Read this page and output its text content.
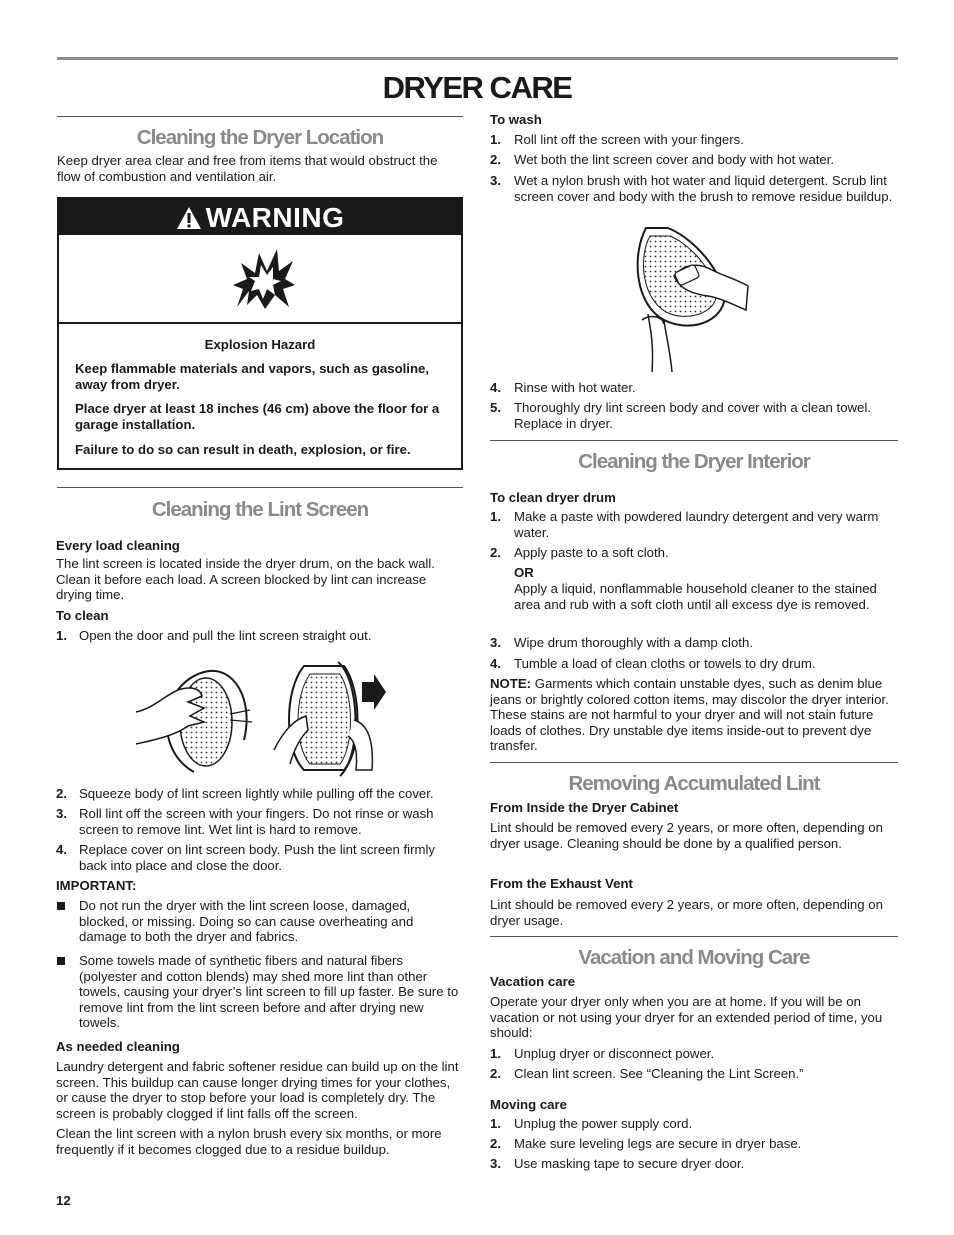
DRYER CARE
Cleaning the Dryer Location

Keep dryer area clear and free from items that would obstruct the flow of combustion and ventilation air.

WARNING
Explosion Hazard

Keep flammable materials and vapors, such as gasoline, away from dryer.

Place dryer at least 18 inches (46 cm) above the floor for a garage installation.

Failure to do so can result in death, explosion, or fire.

Cleaning the Lint Screen
Every load cleaning

The lint screen is located inside the dryer drum, on the back wall. Clean it before each load. A screen blocked by lint can increase drying time.

To clean
1. Open the door and pull the lint screen straight out.

2. Squeeze body of lint screen lightly while pulling off the cover.

3. Roll lint off the screen with your fingers. Do not rinse or wash screen to remove lint. Wet lint is hard to remove.

4. Replace cover on lint screen body. Push the lint screen firmly back into place and close the door.

IMPORTANT:

Do not run the dryer with the lint screen loose, damaged, blocked, or missing. Doing so can cause overheating and damage to both the dryer and fabrics.

Some towels made of synthetic fibers and natural fibers (polyester and cotton blends) may shed more lint than other towels, causing your dryer’s lint screen to fill up faster. Be sure to remove lint from the lint screen before and after drying new towels.

As needed cleaning

Laundry detergent and fabric softener residue can build up on the lint screen. This buildup can cause longer drying times for your clothes, or cause the dryer to stop before your load is completely dry. The screen is probably clogged if lint falls off the screen.

Clean the lint screen with a nylon brush every six months, or more frequently if it becomes clogged due to a residue buildup.

12
To wash
1. Roll lint off the screen with your fingers.

2. Wet both the lint screen cover and body with hot water.

3. Wet a nylon brush with hot water and liquid detergent. Scrub lint screen cover and body with the brush to remove residue buildup.

4. Rinse with hot water.

5. Thoroughly dry lint screen body and cover with a clean towel. Replace in dryer.

Cleaning the Dryer Interior
To clean dryer drum
1. Make a paste with powdered laundry detergent and very warm water.

2. Apply paste to a soft cloth.

OR

Apply a liquid, nonflammable household cleaner to the stained area and rub with a soft cloth until all excess dye is removed.

3. Wipe drum thoroughly with a damp cloth.

4. Tumble a load of clean cloths or towels to dry drum.

NOTE: Garments which contain unstable dyes, such as denim blue jeans or brightly colored cotton items, may discolor the dryer interior. These stains are not harmful to your dryer and will not stain future loads of clothes. Dry unstable dye items inside-out to prevent dye transfer.

Removing Accumulated Lint
From Inside the Dryer Cabinet

Lint should be removed every 2 years, or more often, depending on dryer usage. Cleaning should be done by a qualified person.

From the Exhaust Vent

Lint should be removed every 2 years, or more often, depending on dryer usage.

Vacation and Moving Care
Vacation care

Operate your dryer only when you are at home. If you will be on vacation or not using your dryer for an extended period of time, you should:

1. Unplug dryer or disconnect power.

2. Clean lint screen. See “Cleaning the Lint Screen.”

Moving care
1. Unplug the power supply cord.

2. Make sure leveling legs are secure in dryer base.

3. Use masking tape to secure dryer door.
